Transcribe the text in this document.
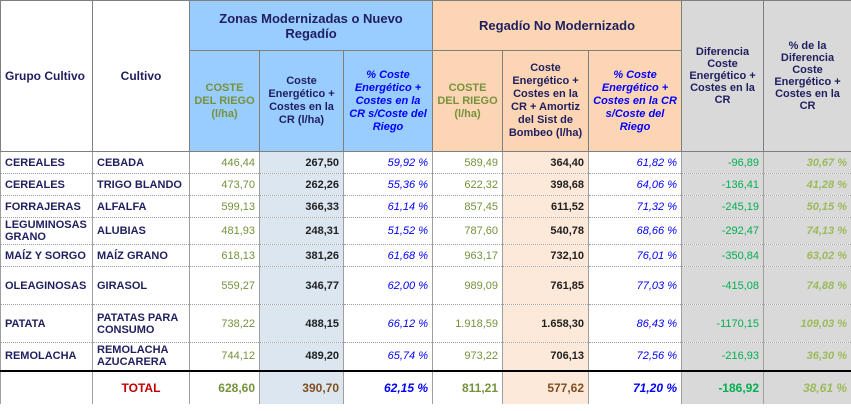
Grupo Cultivo	Cultivo	Zonas Modernizadas o Nuevo Regadío			Regadío No Modernizado			Diferencia Coste Energético + Costes en la CR	% de la Diferencia Coste Energético + Costes en la CR
		COSTE DEL RIEGO (l/ha)	Coste Energético + Costes en la CR (l/ha)	% Coste Energético + Costes en la CR s/Coste del Riego	COSTE DEL RIEGO (l/ha)	Coste Energético + Costes en la CR + Amortiz del Sist de Bombeo (l/ha)	% Coste Energético + Costes en la CR s/Coste del Riego		
CEREALES	CEBADA	446,44	267,50	59,92 %	589,49	364,40	61,82 %	-96,89	30,67 %
CEREALES	TRIGO BLANDO	473,70	262,26	55,36 %	622,32	398,68	64,06 %	-136,41	41,28 %
FORRAJERAS	ALFALFA	599,13	366,33	61,14 %	857,45	611,52	71,32 %	-245,19	50,15 %
LEGUMINOSAS GRANO	ALUBIAS	481,93	248,31	51,52 %	787,60	540,78	68,66 %	-292,47	74,13 %
MAÍZ Y SORGO	MAÍZ GRANO	618,13	381,26	61,68 %	963,17	732,10	76,01 %	-350,84	63,02 %
OLEAGINOSAS	GIRASOL	559,27	346,77	62,00 %	989,09	761,85	77,03 %	-415,08	74,88 %
PATATA	PATATAS PARA CONSUMO	738,22	488,15	66,12 %	1.918,59	1.658,30	86,43 %	-1170,15	109,03 %
REMOLACHA	REMOLACHA AZUCARERA	744,12	489,20	65,74 %	973,22	706,13	72,56 %	-216,93	36,30 %
	TOTAL	628,60	390,70	62,15 %	811,21	577,62	71,20 %	-186,92	38,61 %
